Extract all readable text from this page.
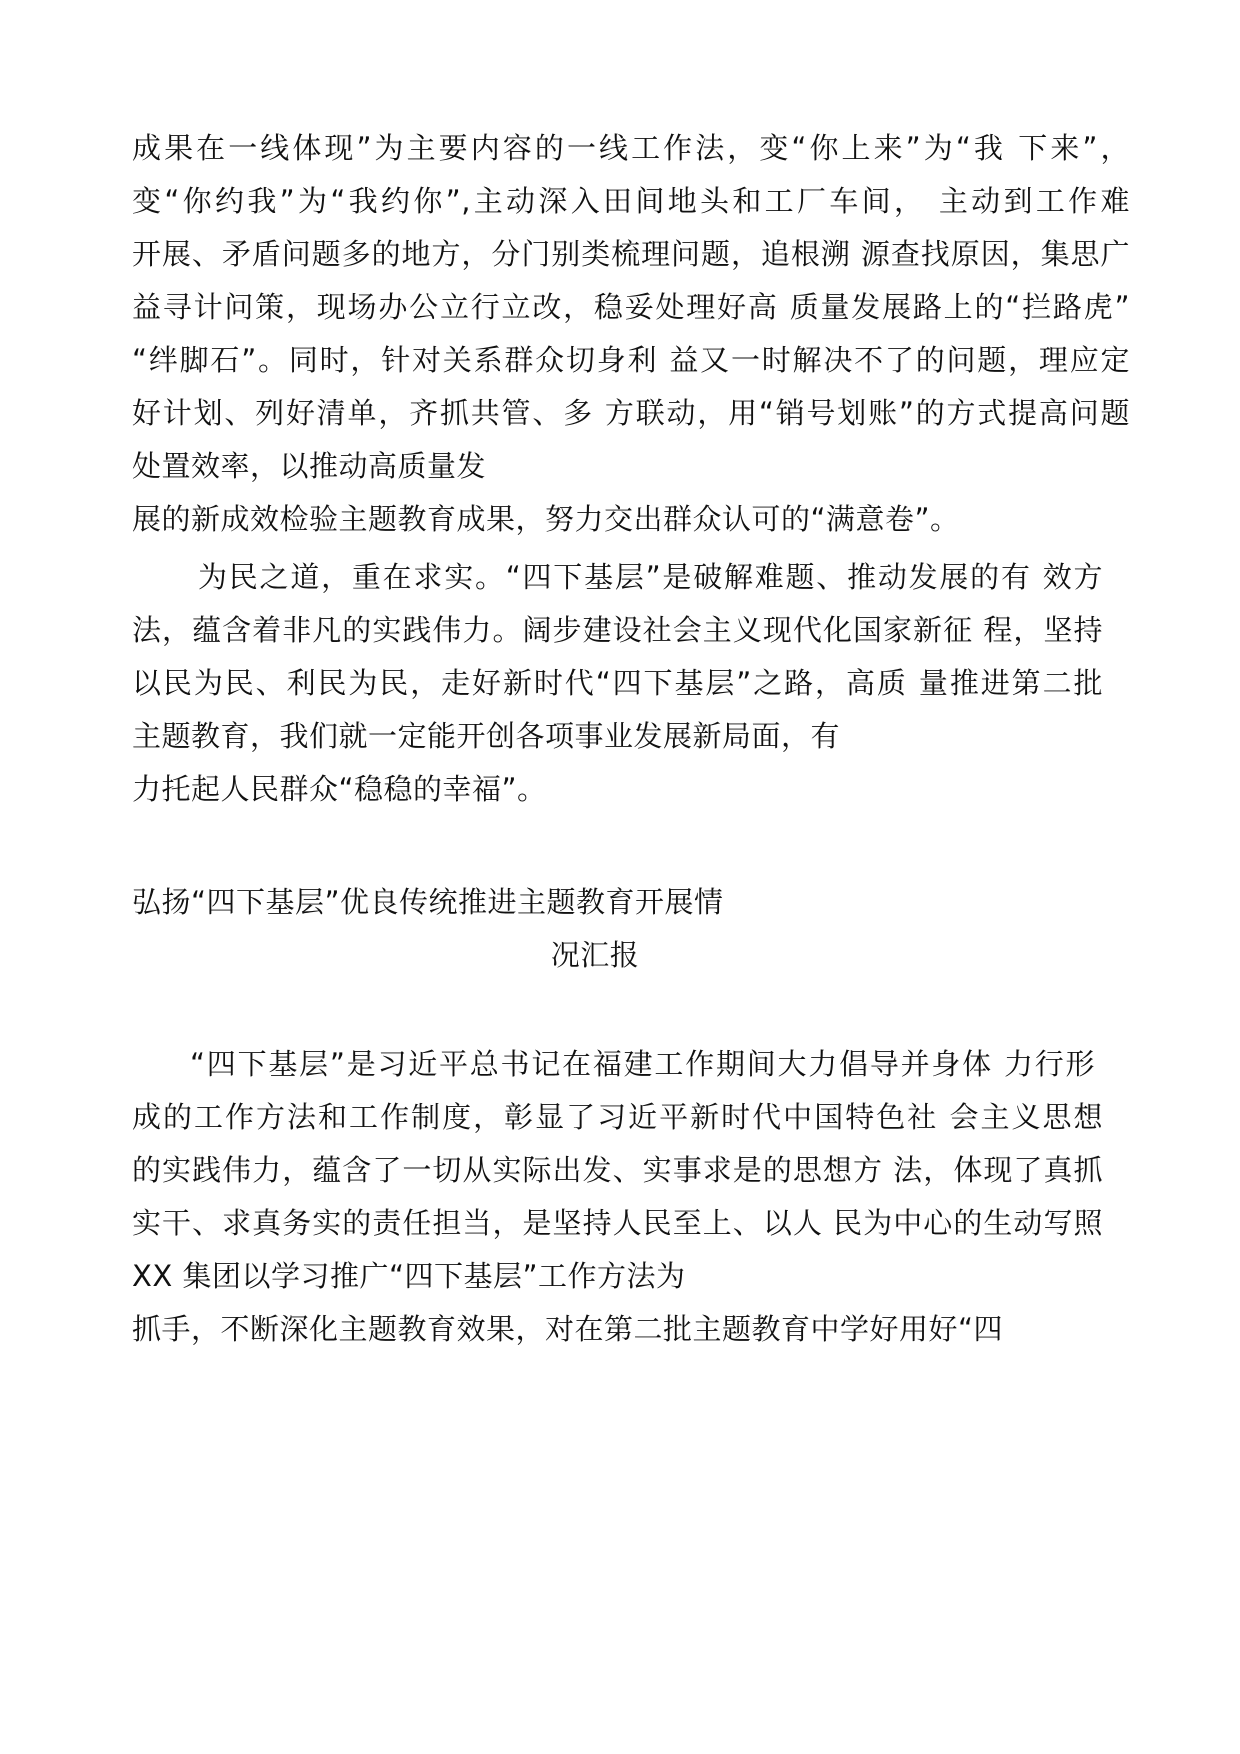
成果在一线体现”为主要内容的一线工作法，变“你上来”为“我 下来”，
变“你约我”为“我约你”,主动深入田间地头和工厂车间， 主动到工作难
开展、矛盾问题多的地方，分门别类梳理问题，追根溯 源查找原因，集思广
益寻计问策，现场办公立行立改，稳妥处理好高 质量发展路上的“拦路虎”
“绊脚石”。同时，针对关系群众切身利 益又一时解决不了的问题，理应定
好计划、列好清单，齐抓共管、多 方联动，用“销号划账”的方式提高问题
处置效率，以推动高质量发
展的新成效检验主题教育成果，努力交出群众认可的“满意卷”。
为民之道，重在求实。“四下基层”是破解难题、推动发展的有 效方
法，蕴含着非凡的实践伟力。阔步建设社会主义现代化国家新征 程，坚持
以民为民、利民为民，走好新时代“四下基层”之路，高质 量推进第二批
主题教育，我们就一定能开创各项事业发展新局面，有
力托起人民群众“稳稳的幸福”。
弘扬“四下基层”优良传统推进主题教育开展情
况汇报
“四下基层”是习近平总书记在福建工作期间大力倡导并身体 力行形
成的工作方法和工作制度，彰显了习近平新时代中国特色社 会主义思想
的实践伟力，蕴含了一切从实际出发、实事求是的思想方 法，体现了真抓
实干、求真务实的责任担当，是坚持人民至上、以人 民为中心的生动写照
XX 集团以学习推广“四下基层”工作方法为
抓手，不断深化主题教育效果，对在第二批主题教育中学好用好“四
